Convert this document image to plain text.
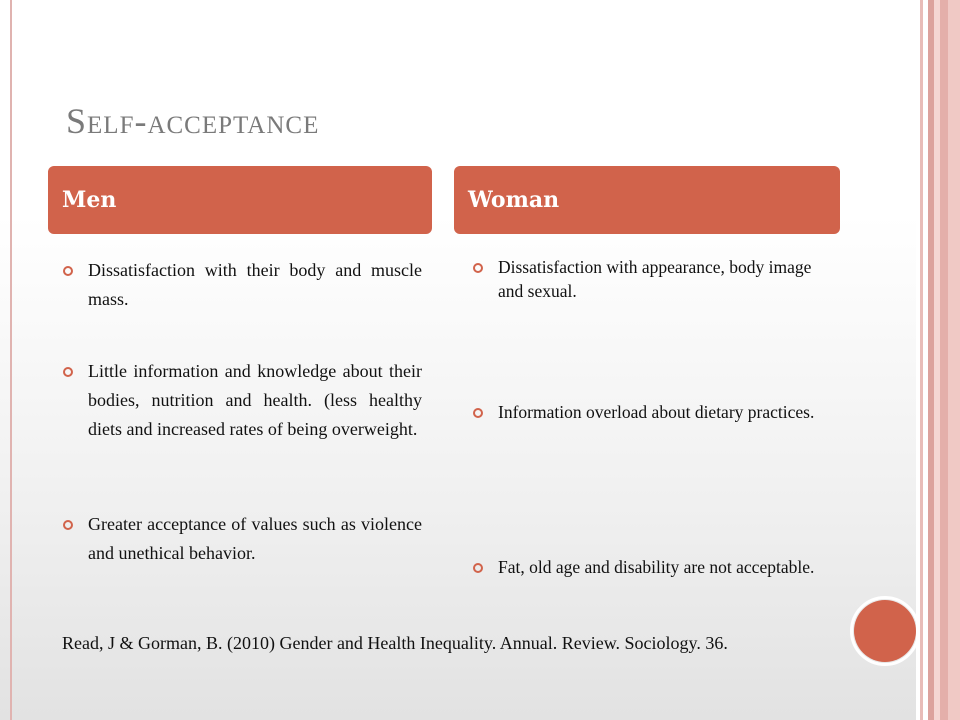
Self-acceptance
Men	Woman

Dissatisfaction with their body and muscle mass.

Little information and knowledge about their bodies, nutrition and health. (less healthy diets and increased rates of being overweight.

Greater acceptance of values such as violence and unethical behavior.

Dissatisfaction with appearance, body image and sexual.

Information overload about dietary practices.

Fat, old age and disability are not acceptable.

Read, J & Gorman, B. (2010) Gender and Health Inequality. Annual. Review. Sociology. 36.
